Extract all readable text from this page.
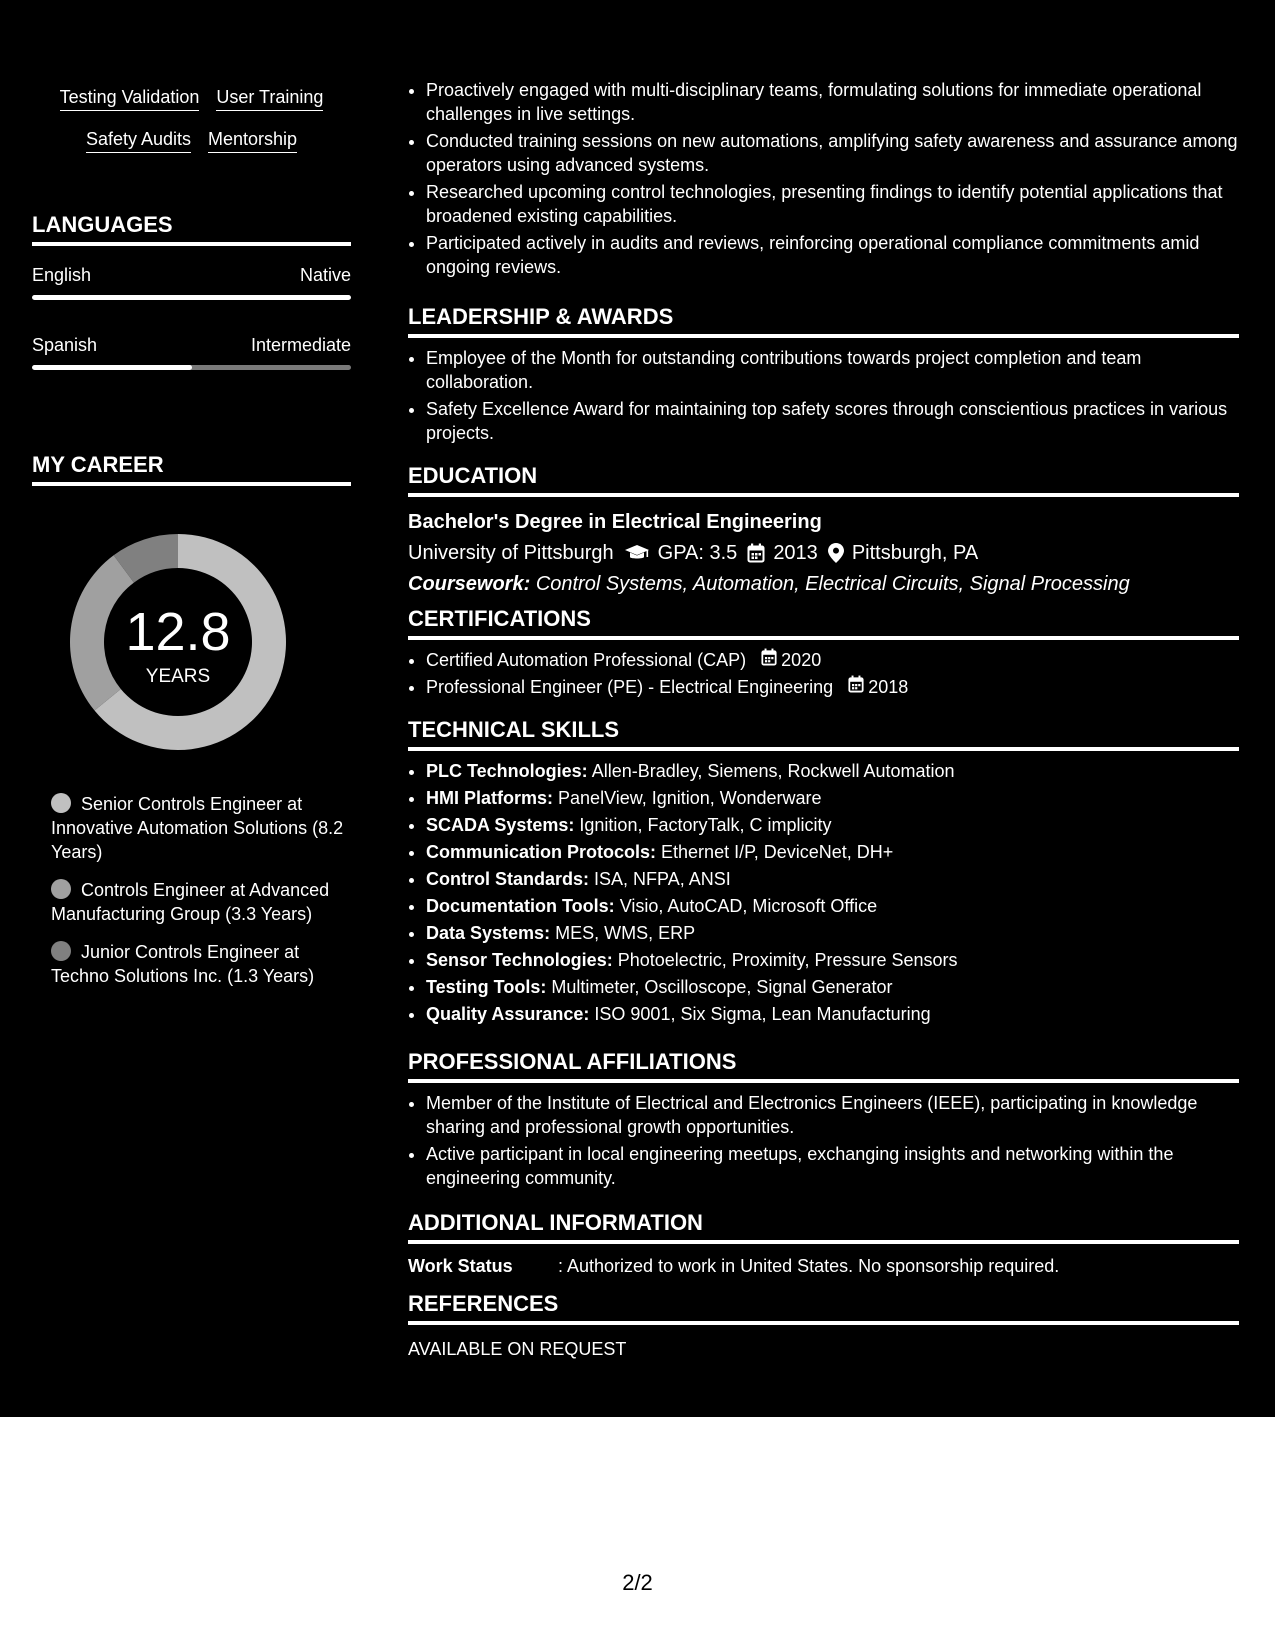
Testing Validation User Training
Safety Audits Mentorship
LANGUAGES
English	Native
Spanish	Intermediate
MY CAREER
12.8
YEARS
Senior Controls Engineer at Innovative Automation Solutions (8.2 Years)
Controls Engineer at Advanced Manufacturing Group (3.3 Years)
Junior Controls Engineer at Techno Solutions Inc. (1.3 Years)
• Proactively engaged with multi-disciplinary teams, formulating solutions for immediate operational challenges in live settings.
• Conducted training sessions on new automations, amplifying safety awareness and assurance among operators using advanced systems.
• Researched upcoming control technologies, presenting findings to identify potential applications that broadened existing capabilities.
• Participated actively in audits and reviews, reinforcing operational compliance commitments amid ongoing reviews.
LEADERSHIP & AWARDS
• Employee of the Month for outstanding contributions towards project completion and team collaboration.
• Safety Excellence Award for maintaining top safety scores through conscientious practices in various projects.
EDUCATION
Bachelor's Degree in Electrical Engineering
University of Pittsburgh GPA: 3.5 2013 Pittsburgh, PA
Coursework: Control Systems, Automation, Electrical Circuits, Signal Processing
CERTIFICATIONS
• Certified Automation Professional (CAP) 2020
• Professional Engineer (PE) - Electrical Engineering 2018
TECHNICAL SKILLS
• PLC Technologies: Allen-Bradley, Siemens, Rockwell Automation
• HMI Platforms: PanelView, Ignition, Wonderware
• SCADA Systems: Ignition, FactoryTalk, C implicity
• Communication Protocols: Ethernet I/P, DeviceNet, DH+
• Control Standards: ISA, NFPA, ANSI
• Documentation Tools: Visio, AutoCAD, Microsoft Office
• Data Systems: MES, WMS, ERP
• Sensor Technologies: Photoelectric, Proximity, Pressure Sensors
• Testing Tools: Multimeter, Oscilloscope, Signal Generator
• Quality Assurance: ISO 9001, Six Sigma, Lean Manufacturing
PROFESSIONAL AFFILIATIONS
• Member of the Institute of Electrical and Electronics Engineers (IEEE), participating in knowledge sharing and professional growth opportunities.
• Active participant in local engineering meetups, exchanging insights and networking within the engineering community.
ADDITIONAL INFORMATION
Work Status	: Authorized to work in United States. No sponsorship required.
REFERENCES
AVAILABLE ON REQUEST
2/2
